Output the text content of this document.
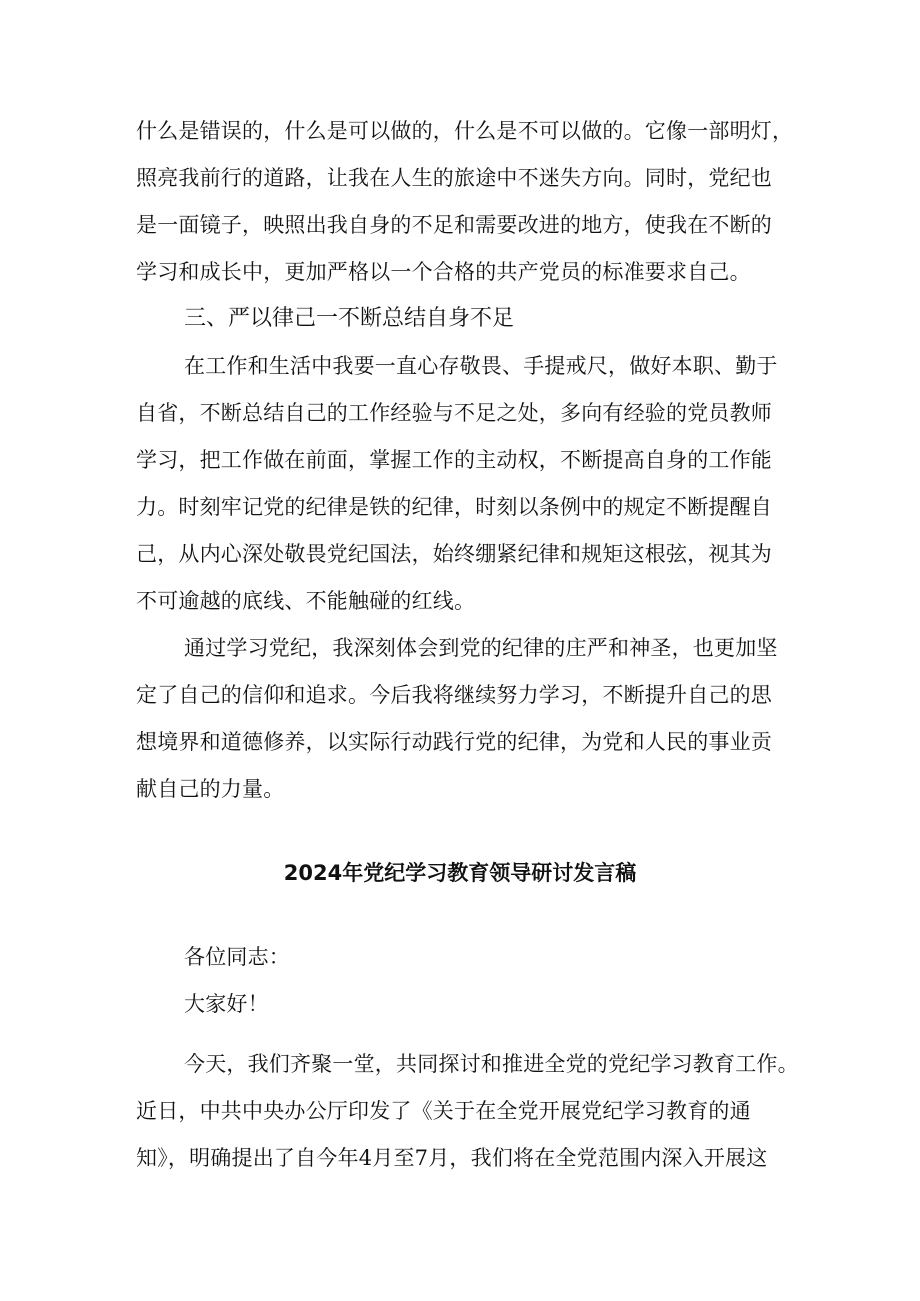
什么是错误的，什么是可以做的，什么是不可以做的。它像一部明灯，
照亮我前行的道路，让我在人生的旅途中不迷失方向。同时，党纪也
是一面镜子，映照出我自身的不足和需要改进的地方，使我在不断的
学习和成长中，更加严格以一个合格的共产党员的标准要求自己。
三、严以律己一不断总结自身不足
在工作和生活中我要一直心存敬畏、手提戒尺，做好本职、勤于
自省，不断总结自己的工作经验与不足之处，多向有经验的党员教师
学习，把工作做在前面，掌握工作的主动权，不断提高自身的工作能
力。时刻牢记党的纪律是铁的纪律，时刻以条例中的规定不断提醒自
己，从内心深处敬畏党纪国法，始终绷紧纪律和规矩这根弦，视其为
不可逾越的底线、不能触碰的红线。
通过学习党纪，我深刻体会到党的纪律的庄严和神圣，也更加坚
定了自己的信仰和追求。今后我将继续努力学习，不断提升自己的思
想境界和道德修养，以实际行动践行党的纪律，为党和人民的事业贡
献自己的力量。
2024年党纪学习教育领导研讨发言稿
各位同志：
大家好！
今天，我们齐聚一堂，共同探讨和推进全党的党纪学习教育工作。
近日，中共中央办公厅印发了《关于在全党开展党纪学习教育的通
知》，明确提出了自今年4月至7月，我们将在全党范围内深入开展这
